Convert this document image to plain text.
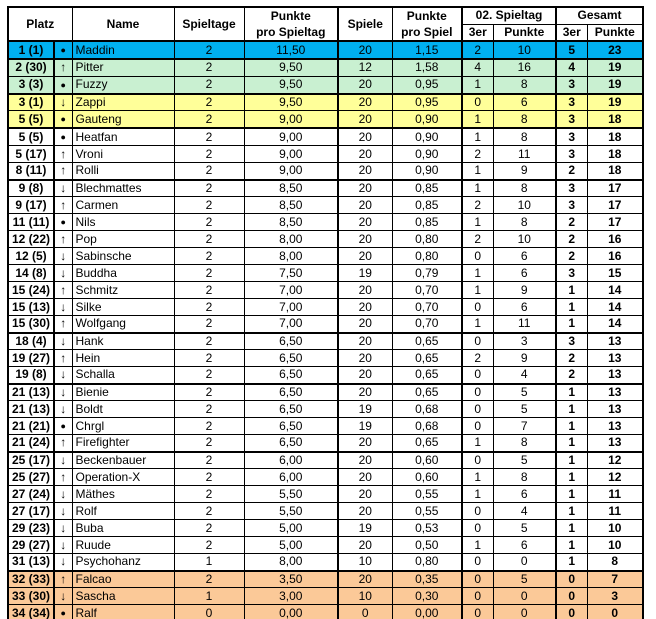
Platz		Name	Spieltage	Punkte
pro Spieltag	Spiele	Punkte
pro Spiel	02. Spieltag		Gesamt	
							3er	Punkte	3er	Punkte
1 (1)	●	Maddin	2	11,50	20	1,15	2	10	5	23
2 (30)	↑	Pitter	2	9,50	12	1,58	4	16	4	19
3 (3)	●	Fuzzy	2	9,50	20	0,95	1	8	3	19
3 (1)	↓	Zappi	2	9,50	20	0,95	0	6	3	19
5 (5)	●	Gauteng	2	9,00	20	0,90	1	8	3	18
5 (5)	●	Heatfan	2	9,00	20	0,90	1	8	3	18
5 (17)	↑	Vroni	2	9,00	20	0,90	2	11	3	18
8 (11)	↑	Rolli	2	9,00	20	0,90	1	9	2	18
9 (8)	↓	Blechmattes	2	8,50	20	0,85	1	8	3	17
9 (17)	↑	Carmen	2	8,50	20	0,85	2	10	3	17
11 (11)	●	Nils	2	8,50	20	0,85	1	8	2	17
12 (22)	↑	Pop	2	8,00	20	0,80	2	10	2	16
12 (5)	↓	Sabinsche	2	8,00	20	0,80	0	6	2	16
14 (8)	↓	Buddha	2	7,50	19	0,79	1	6	3	15
15 (24)	↑	Schmitz	2	7,00	20	0,70	1	9	1	14
15 (13)	↓	Silke	2	7,00	20	0,70	0	6	1	14
15 (30)	↑	Wolfgang	2	7,00	20	0,70	1	11	1	14
18 (4)	↓	Hank	2	6,50	20	0,65	0	3	3	13
19 (27)	↑	Hein	2	6,50	20	0,65	2	9	2	13
19 (8)	↓	Schalla	2	6,50	20	0,65	0	4	2	13
21 (13)	↓	Bienie	2	6,50	20	0,65	0	5	1	13
21 (13)	↓	Boldt	2	6,50	19	0,68	0	5	1	13
21 (21)	●	Chrgl	2	6,50	19	0,68	0	7	1	13
21 (24)	↑	Firefighter	2	6,50	20	0,65	1	8	1	13
25 (17)	↓	Beckenbauer	2	6,00	20	0,60	0	5	1	12
25 (27)	↑	Operation-X	2	6,00	20	0,60	1	8	1	12
27 (24)	↓	Mäthes	2	5,50	20	0,55	1	6	1	11
27 (17)	↓	Rolf	2	5,50	20	0,55	0	4	1	11
29 (23)	↓	Buba	2	5,00	19	0,53	0	5	1	10
29 (27)	↓	Ruude	2	5,00	20	0,50	1	6	1	10
31 (13)	↓	Psychohanz	1	8,00	10	0,80	0	0	1	8
32 (33)	↑	Falcao	2	3,50	20	0,35	0	5	0	7
33 (30)	↓	Sascha	1	3,00	10	0,30	0	0	0	3
34 (34)	●	Ralf	0	0,00	0	0,00	0	0	0	0
